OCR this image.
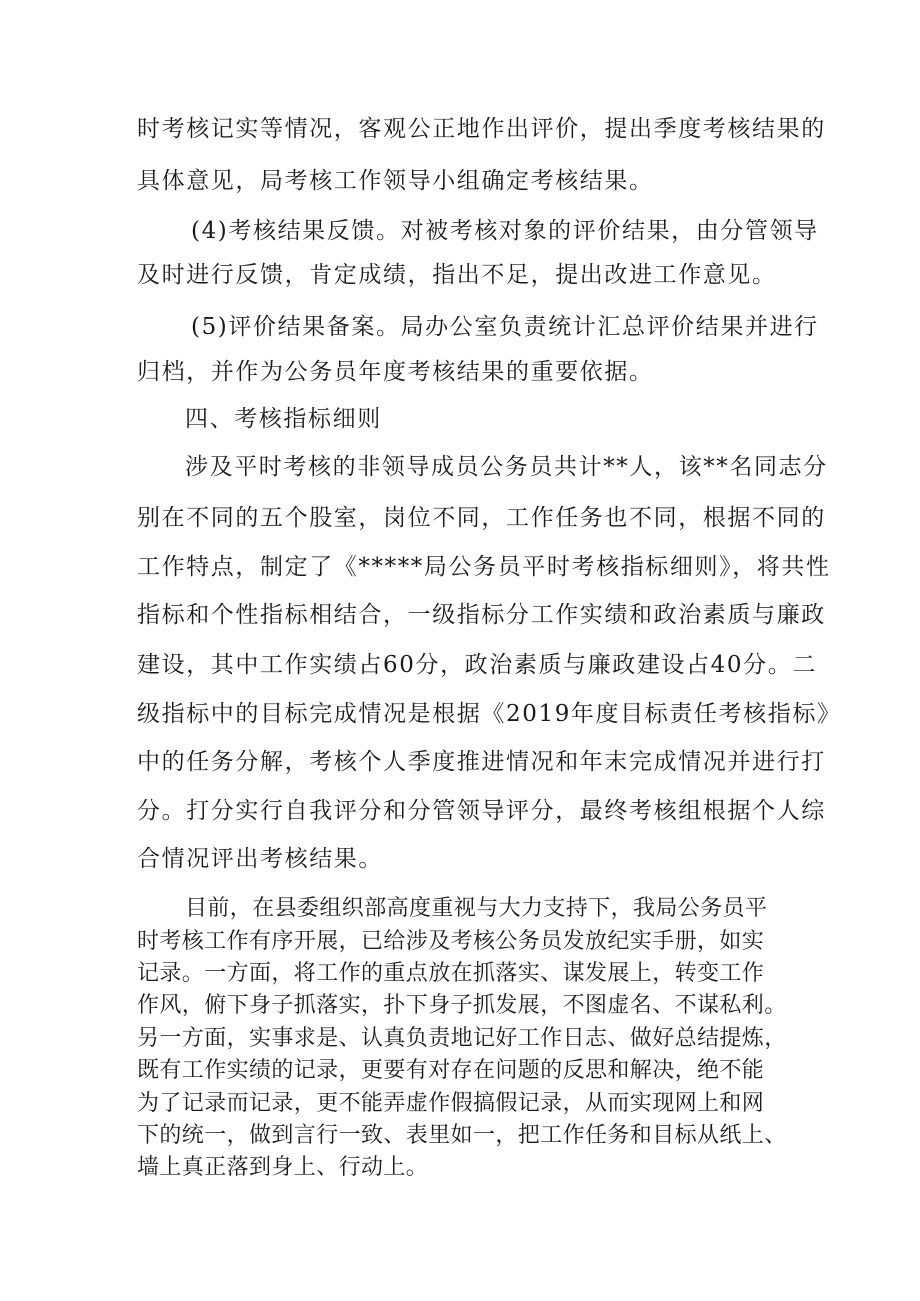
时考核记实等情况，客观公正地作出评价，提出季度考核结果的
具体意见，局考核工作领导小组确定考核结果。
(4)考核结果反馈。对被考核对象的评价结果，由分管领导
及时进行反馈，肯定成绩，指出不足，提出改进工作意见。
(5)评价结果备案。局办公室负责统计汇总评价结果并进行
归档，并作为公务员年度考核结果的重要依据。
四、考核指标细则
涉及平时考核的非领导成员公务员共计**人，该**名同志分
别在不同的五个股室，岗位不同，工作任务也不同，根据不同的
工作特点，制定了《*****局公务员平时考核指标细则》，将共性
指标和个性指标相结合，一级指标分工作实绩和政治素质与廉政
建设，其中工作实绩占60分，政治素质与廉政建设占40分。二
级指标中的目标完成情况是根据《2019年度目标责任考核指标》
中的任务分解，考核个人季度推进情况和年末完成情况并进行打
分。打分实行自我评分和分管领导评分，最终考核组根据个人综
合情况评出考核结果。
目前，在县委组织部高度重视与大力支持下，我局公务员平
时考核工作有序开展，已给涉及考核公务员发放纪实手册，如实
记录。一方面，将工作的重点放在抓落实、谋发展上，转变工作
作风，俯下身子抓落实，扑下身子抓发展，不图虚名、不谋私利。
另一方面，实事求是、认真负责地记好工作日志、做好总结提炼，
既有工作实绩的记录，更要有对存在问题的反思和解决，绝不能
为了记录而记录，更不能弄虚作假搞假记录，从而实现网上和网
下的统一，做到言行一致、表里如一，把工作任务和目标从纸上、
墙上真正落到身上、行动上。
